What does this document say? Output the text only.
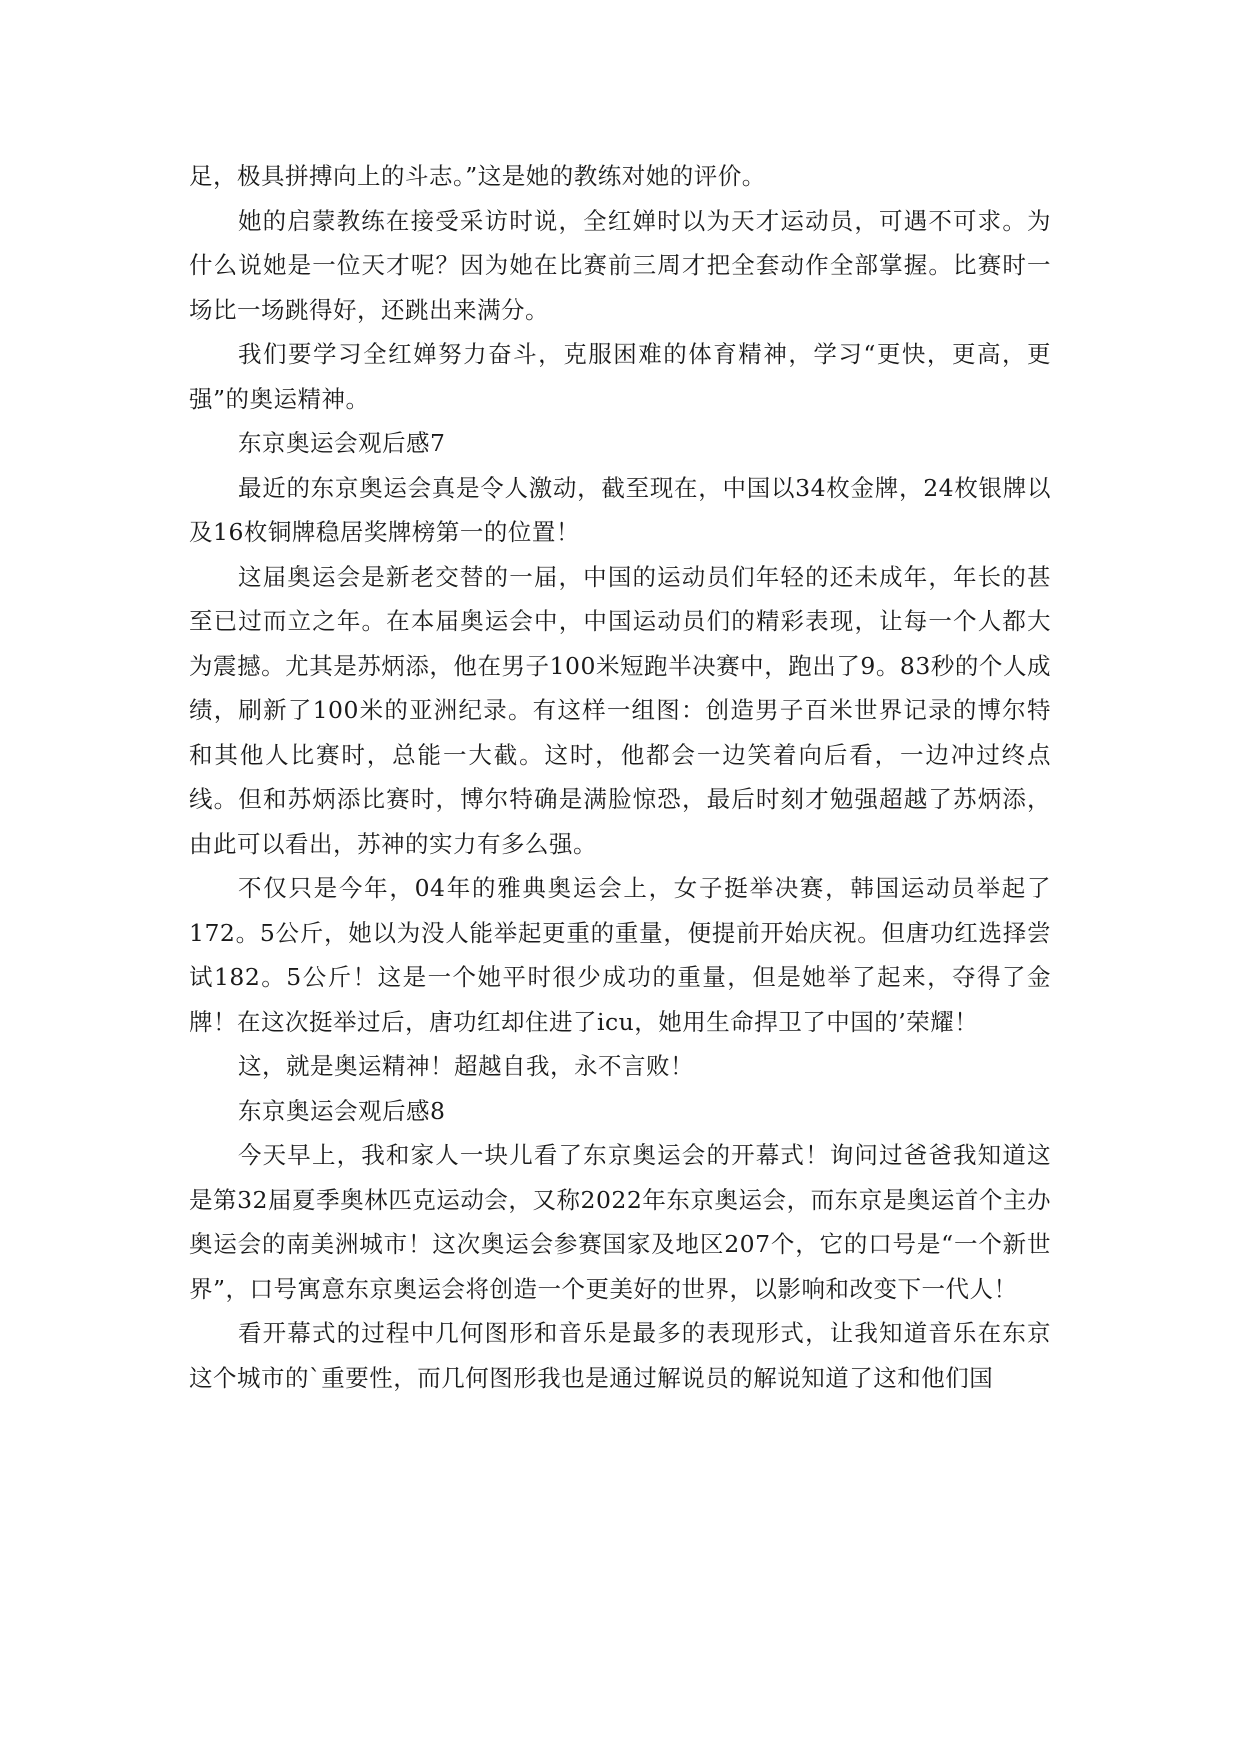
足，极具拼搏向上的斗志。”这是她的教练对她的评价。

她的启蒙教练在接受采访时说，全红婵时以为天才运动员，可遇不可求。为什么说她是一位天才呢？因为她在比赛前三周才把全套动作全部掌握。比赛时一场比一场跳得好，还跳出来满分。

我们要学习全红婵努力奋斗，克服困难的体育精神，学习“更快，更高，更强”的奥运精神。

东京奥运会观后感7

最近的东京奥运会真是令人激动，截至现在，中国以34枚金牌，24枚银牌以及16枚铜牌稳居奖牌榜第一的位置！

这届奥运会是新老交替的一届，中国的运动员们年轻的还未成年，年长的甚至已过而立之年。在本届奥运会中，中国运动员们的精彩表现，让每一个人都大为震撼。尤其是苏炳添，他在男子100米短跑半决赛中，跑出了9。83秒的个人成绩，刷新了100米的亚洲纪录。有这样一组图：创造男子百米世界记录的博尔特和其他人比赛时，总能一大截。这时，他都会一边笑着向后看，一边冲过终点线。但和苏炳添比赛时，博尔特确是满脸惊恐，最后时刻才勉强超越了苏炳添，由此可以看出，苏神的实力有多么强。

不仅只是今年，04年的雅典奥运会上，女子挺举决赛，韩国运动员举起了172。5公斤，她以为没人能举起更重的重量，便提前开始庆祝。但唐功红选择尝试182。5公斤！这是一个她平时很少成功的重量，但是她举了起来，夺得了金牌！在这次挺举过后，唐功红却住进了icu，她用生命捍卫了中国的’荣耀！

这，就是奥运精神！超越自我，永不言败！

东京奥运会观后感8

今天早上，我和家人一块儿看了东京奥运会的开幕式！询问过爸爸我知道这是第32届夏季奥林匹克运动会，又称2022年东京奥运会，而东京是奥运首个主办奥运会的南美洲城市！这次奥运会参赛国家及地区207个，它的口号是“一个新世界”，口号寓意东京奥运会将创造一个更美好的世界，以影响和改变下一代人！

看开幕式的过程中几何图形和音乐是最多的表现形式，让我知道音乐在东京这个城市的`重要性，而几何图形我也是通过解说员的解说知道了这和他们国
